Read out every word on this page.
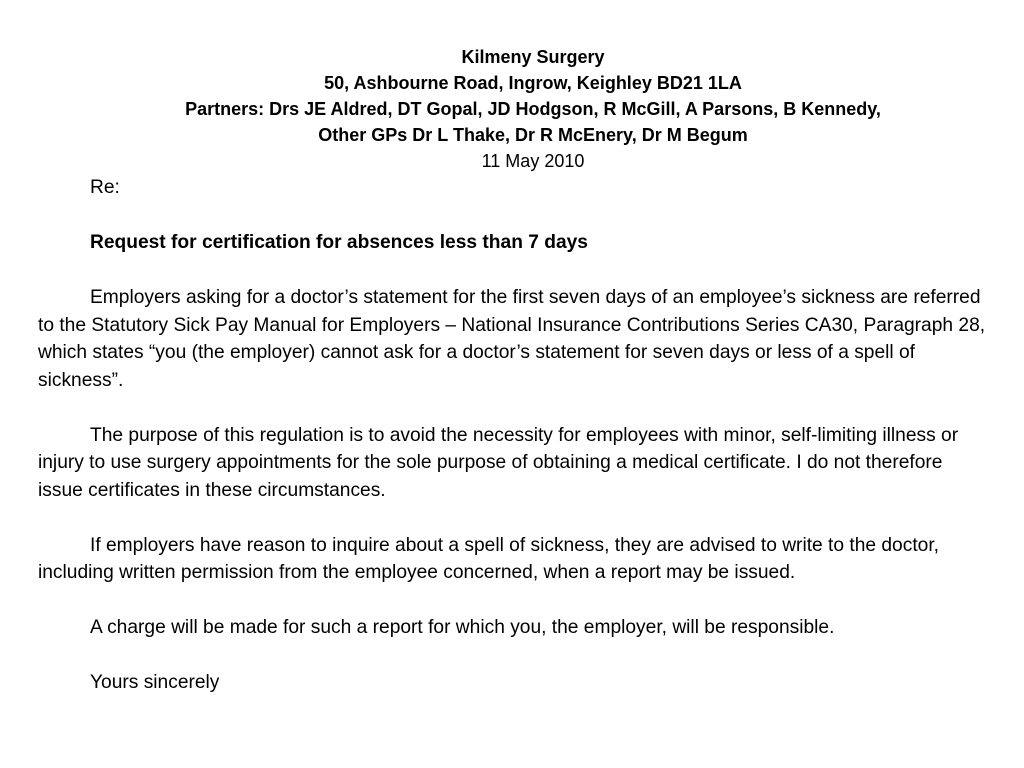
Kilmeny Surgery
50, Ashbourne Road, Ingrow, Keighley BD21 1LA
Partners: Drs JE Aldred, DT Gopal, JD Hodgson, R McGill, A Parsons, B Kennedy,
Other GPs Dr L Thake, Dr R McEnery, Dr M Begum
11 May 2010

Re:

Request for certification for absences less than 7 days

Employers asking for a doctor’s statement for the first seven days of an employee’s sickness are referred to the Statutory Sick Pay Manual for Employers – National Insurance Contributions Series CA30, Paragraph 28, which states “you (the employer) cannot ask for a doctor’s statement for seven days or less of a spell of sickness”.

The purpose of this regulation is to avoid the necessity for employees with minor, self-limiting illness or injury to use surgery appointments for the sole purpose of obtaining a medical certificate. I do not therefore issue certificates in these circumstances.

If employers have reason to inquire about a spell of sickness, they are advised to write to the doctor, including written permission from the employee concerned, when a report may be issued.

A charge will be made for such a report for which you, the employer, will be responsible.

Yours sincerely
